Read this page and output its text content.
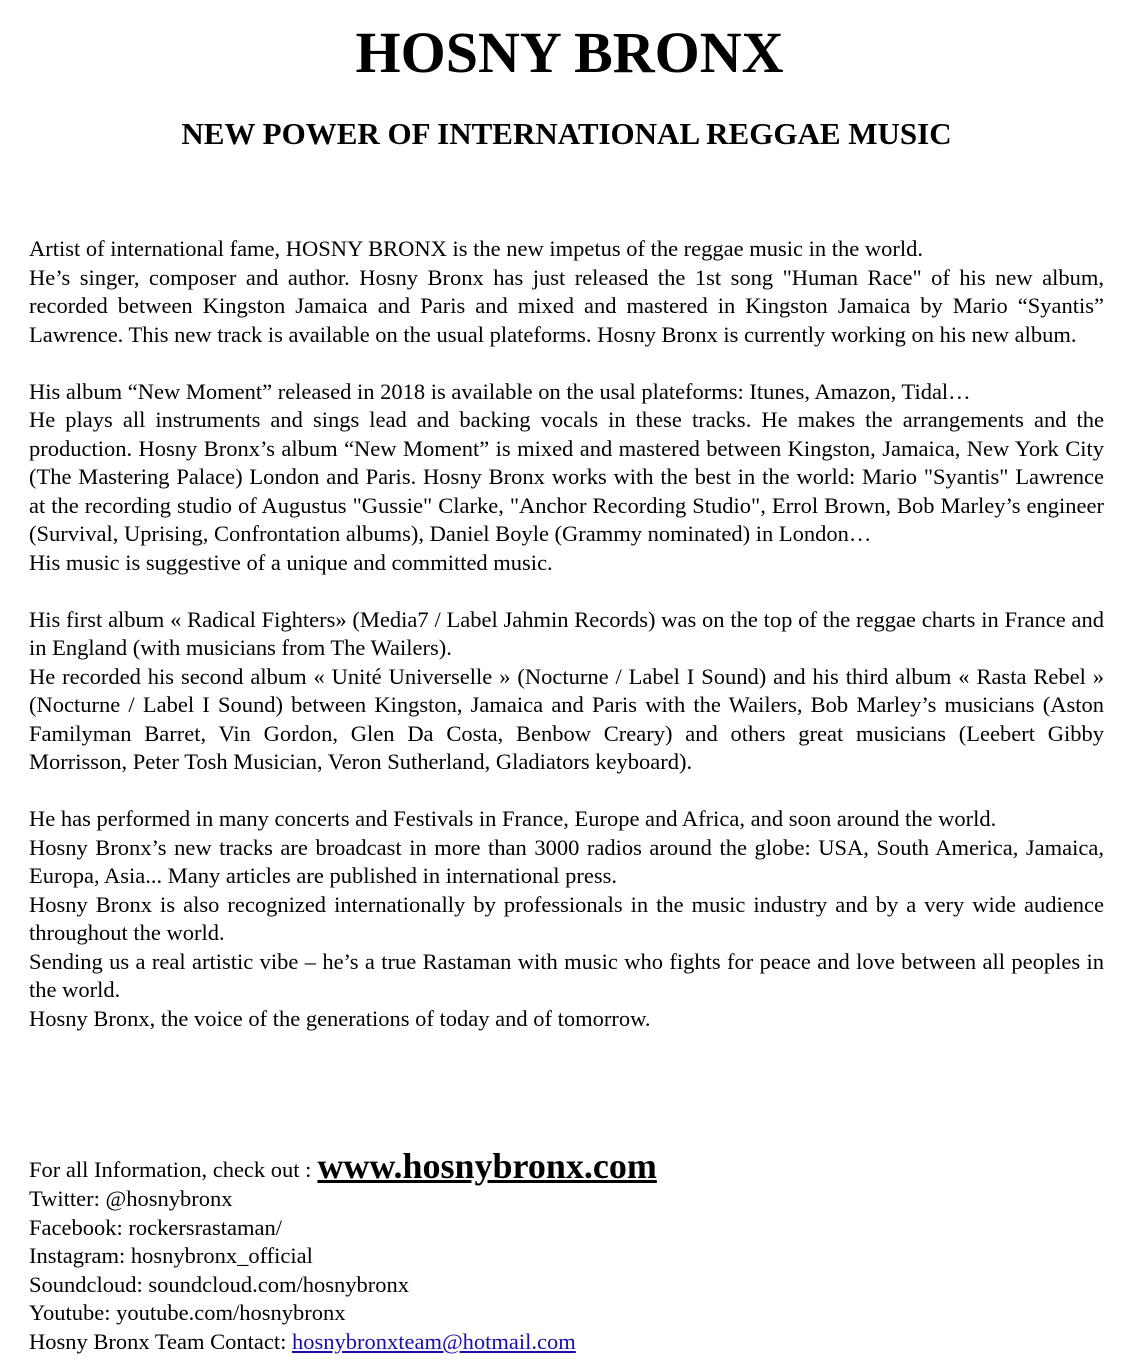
HOSNY BRONX
NEW POWER OF INTERNATIONAL REGGAE MUSIC
Artist of international fame, HOSNY BRONX is the new impetus of the reggae music in the world.
He’s singer, composer and author. Hosny Bronx has just released the 1st song "Human Race" of his new album, recorded between Kingston Jamaica and Paris and mixed and mastered in Kingston Jamaica by Mario “Syantis” Lawrence. This new track is available on the usual plateforms. Hosny Bronx is currently working on his new album.
His album “New Moment” released in 2018 is available on the usal plateforms: Itunes, Amazon, Tidal…
He plays all instruments and sings lead and backing vocals in these tracks. He makes the arrangements and the production. Hosny Bronx’s album “New Moment” is mixed and mastered between Kingston, Jamaica, New York City (The Mastering Palace) London and Paris. Hosny Bronx works with the best in the world: Mario "Syantis" Lawrence at the recording studio of Augustus "Gussie" Clarke, "Anchor Recording Studio", Errol Brown, Bob Marley’s engineer (Survival, Uprising, Confrontation albums), Daniel Boyle (Grammy nominated) in London…
His music is suggestive of a unique and committed music.
His first album « Radical Fighters» (Media7 / Label Jahmin Records) was on the top of the reggae charts in France and in England (with musicians from The Wailers).
He recorded his second album « Unité Universelle » (Nocturne / Label I Sound) and his third album « Rasta Rebel » (Nocturne / Label I Sound) between Kingston, Jamaica and Paris with the Wailers, Bob Marley’s musicians (Aston Familyman Barret, Vin Gordon, Glen Da Costa, Benbow Creary) and others great musicians (Leebert Gibby Morrisson, Peter Tosh Musician, Veron Sutherland, Gladiators keyboard).
He has performed in many concerts and Festivals in France, Europe and Africa, and soon around the world.
Hosny Bronx’s new tracks are broadcast in more than 3000 radios around the globe: USA, South America, Jamaica, Europa, Asia... Many articles are published in international press.
Hosny Bronx is also recognized internationally by professionals in the music industry and by a very wide audience throughout the world.
Sending us a real artistic vibe – he’s a true Rastaman with music who fights for peace and love between all peoples in the world.
Hosny Bronx, the voice of the generations of today and of tomorrow.
For all Information, check out : www.hosnybronx.com
Twitter: @hosnybronx
Facebook: rockersrastaman/
Instagram: hosnybronx_official
Soundcloud: soundcloud.com/hosnybronx
Youtube: youtube.com/hosnybronx
Hosny Bronx Team Contact: hosnybronxteam@hotmail.com
